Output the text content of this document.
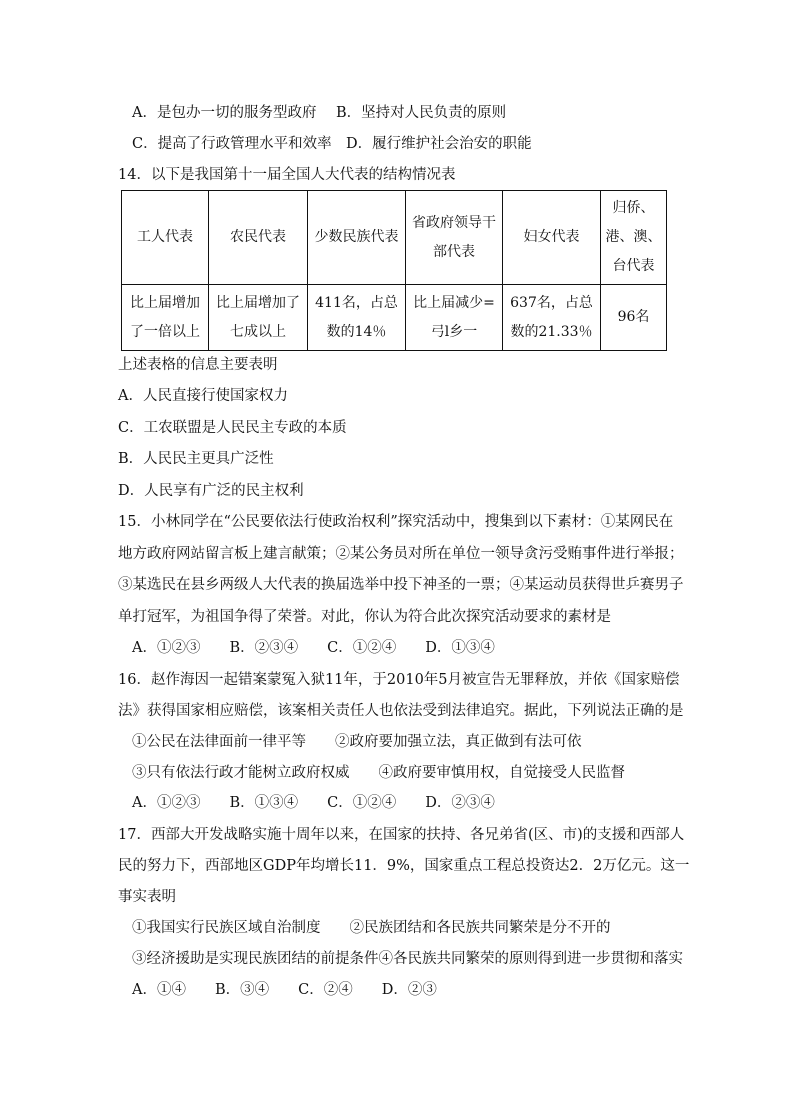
A．是包办一切的服务型政府 B．坚持对人民负责的原则
C．提高了行政管理水平和效率 D．履行维护社会治安的职能
14．以下是我国第十一届全国人大代表的结构情况表
工人代表	农民代表	少数民族代表	省政府领导干部代表	妇女代表	归侨、港、澳、台代表
比上届增加了一倍以上	比上届增加了七成以上	411名，占总数的14％	比上届减少=弓l乡一	637名，占总数的21.33％	96名
上述表格的信息主要表明
A．人民直接行使国家权力
C．工农联盟是人民民主专政的本质
B．人民民主更具广泛性
D．人民享有广泛的民主权利
15．小林同学在“公民要依法行使政治权利”探究活动中，搜集到以下素材：①某网民在
地方政府网站留言板上建言献策；②某公务员对所在单位一领导贪污受贿事件进行举报；
③某选民在县乡两级人大代表的换届选举中投下神圣的一票；④某运动员获得世乒赛男子
单打冠军，为祖国争得了荣誉。对此，你认为符合此次探究活动要求的素材是
A．①②③　　B．②③④　　C．①②④　　D．①③④
16．赵作海因一起错案蒙冤入狱11年，于2010年5月被宣告无罪释放，并依《国家赔偿
法》获得国家相应赔偿，该案相关责任人也依法受到法律追究。据此，下列说法正确的是
①公民在法律面前一律平等　　②政府要加强立法，真正做到有法可依
③只有依法行政才能树立政府权威　　④政府要审慎用权，自觉接受人民监督
A．①②③　　B．①③④　　C．①②④　　D．②③④
17．西部大开发战略实施十周年以来，在国家的扶持、各兄弟省(区、市)的支援和西部人
民的努力下，西部地区GDP年均增长11．9%，国家重点工程总投资达2．2万亿元。这一
事实表明
①我国实行民族区域自治制度　　②民族团结和各民族共同繁荣是分不开的
③经济援助是实现民族团结的前提条件④各民族共同繁荣的原则得到进一步贯彻和落实
A．①④　　B．③④　　C．②④　　D．②③
